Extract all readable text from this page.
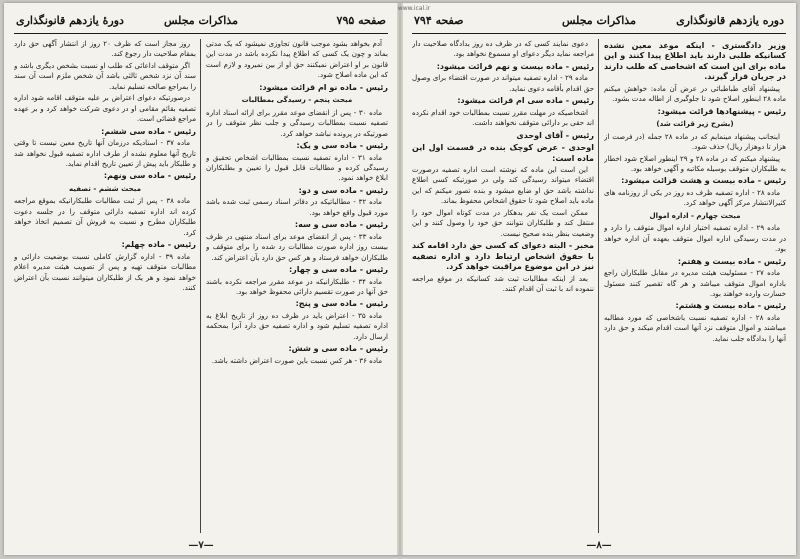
صفحه ۷۹۵
مذاکرات مجلس
دورهٔ یازدهم قانونگذاری

آدم بخواهد بشود موجب قانون تجاوزی نمیشود که یک مدتی بماند و چون یک کسی که اطلاع پیدا نکرده باشد در مدت این قانون بر او اعتراض نمیکنند حق او از بین نمیرود و لازم است که این ماده اصلاح شود.

رئیس - ماده نو ام قرائت میشود:

مبحث پنجم - رسیدگی بمطالبات

ماده ۳۰ - پس از انقضای موعد مقرر برای ارائه اسناد اداره تصفیه نسبت بمطالبات رسیدگی و جلب نظر متوقف را در صورتیکه در پرونده نباشد خواهد کرد.

رئیس - ماده سی و یک:

ماده ۳۱ - اداره تصفیه نسبت بمطالبات اشخاص تحقیق و رسیدگی کرده و مطالبات قابل قبول را تعیین و بطلبکاران ابلاغ خواهد نمود.

رئیس - ماده سی و دو:

ماده ۳۲ - مطالباتیکه در دفاتر اسناد رسمی ثبت شده باشد مورد قبول واقع خواهد بود.

رئیس - ماده سی و سه:

ماده ۳۳ - پس از انقضای موعد برای اسناد منتهی در ظرف بیست روز اداره صورت مطالبات رد شده را برای متوقف و طلبکاران خواهد فرستاد و هر کس حق دارد بآن اعتراض کند.

رئیس - ماده سی و چهار:

ماده ۳۴ - طلبکارانیکه در موعد مقرر مراجعه نکرده باشند حق آنها در صورت تقسیم دارائی محفوظ خواهد بود.

رئیس - ماده سی و پنج:

ماده ۳۵ - اعتراض باید در ظرف ده روز از تاریخ ابلاغ به اداره تصفیه تسلیم شود و اداره تصفیه حق دارد آنرا بمحکمه ارسال دارد.

رئیس - ماده سی و شش:

ماده ۳۶ - هر کس نسبت باین صورت اعتراض داشته باشد.

روز مجاز است که ظرف ۲۰ روز از انتشار آگهی حق دارد بمقام صلاحیت دار رجوع کند.

اگر متوقف اداعائی که طلب او نسبت بشخص دیگری باشد و سند آن نزد شخص ثالثی باشد آن شخص ملزم است آن سند را بمراجع صالحه تسلیم نماید.

درصورتیکه دعوای اعتراض بر علیه متوقف اقامه شود اداره تصفیه بقائم مقامی او در دعوی شرکت خواهد کرد و بر عهده مراجع قضائی است.

رئیس - ماده سی ششم:

ماده ۳۷ - اسنادیکه درزمان آنها تاریخ معین نیست تا وقتی تاریخ آنها معلوم نشده از طرف اداره تصفیه قبول نخواهد شد و طلبکار باید پیش از تعیین تاریخ اقدام نماید.

رئیس - ماده سی ونهم:

مبحث ششم - تصفیه

ماده ۳۸ - پس از ثبت مطالبات طلبکارانیکه بموقع مراجعه کرده اند اداره تصفیه دارائی متوقف را در جلسه دعوت طلبکاران مطرح و نسبت به فروش آن تصمیم اتخاذ خواهد کرد.

رئیس - ماده چهلم:

ماده ۳۹ - اداره گزارش کاملی نسبت بوضعیت دارائی و مطالبات متوقف تهیه و پس از تصویب هیئت مدیره اعلام خواهد نمود و هر یک از طلبکاران میتوانند نسبت بآن اعتراض کنند.

—۷—
دوره یازدهم قانونگذاری
مذاکرات مجلس
صفحه ۷۹۴

وزیر دادگستری - اینکه موعد معین نشده کسانیکه طلبی دارند باید اطلاع پیدا کنند و این ماده برای این است که اشخاصی که طلب دارند در جریان قرار گیرند.

پیشنهاد آقای طباطبائی در عرض آن ماده: خواهش میکنم ماده ۲۸ اینطور اصلاح شود تا جلوگیری از اطاله مدت بشود.

رئیس - پیشنهادها قرائت میشود:

(بشرح زیر قرائت شد)

اینجانب پیشنهاد مینمایم که در ماده ۲۸ جمله (در فرصت از هزار تا دوهزار ریال) حذف شود.

پیشنهاد میکنم که در ماده ۲۸ و ۲۹ اینطور اصلاح شود اخطار به طلبکاران متوقف بوسیله مکاتبه و آگهی خواهد بود.

رئیس - ماده بیست و هشت قرائت میشود:

ماده ۲۸ - اداره تصفیه ظرف ده روز در یکی از روزنامه های کثیرالانتشار مرکز آگهی خواهد کرد.

مبحث چهارم - اداره اموال

ماده ۲۹ - اداره تصفیه اختیار اداره اموال متوقف را دارد و در مدت رسیدگی اداره اموال متوقف بعهده آن اداره خواهد بود.

رئیس - ماده بیست و هفتم:

ماده ۲۷ - مسئولیت هیئت مدیره در مقابل طلبکاران راجع باداره اموال متوقف میباشد و هر گاه تقصیر کنند مسئول خسارت وارده خواهند بود.

رئیس - ماده بیست و هشتم:

ماده ۲۸ - اداره تصفیه نسبت باشخاصی که مورد مطالبه میباشند و اموال متوقف نزد آنها است اقدام میکند و حق دارد آنها را بدادگاه جلب نماید.

دعوی نمایند کسی که در ظرف ده روز بدادگاه صلاحیت دار مراجعه نماید دیگر دعوای او مسموع نخواهد بود.

رئیس - ماده بیست و نهم قرائت میشود:

ماده ۲۹ - اداره تصفیه میتواند در صورت اقتضاء برای وصول حق اقدام بأقامه دعوی نماید.

رئیس - ماده سی ام قرائت میشود:

اشخاصیکه در مهلت مقرر نسبت بمطالبات خود اقدام نکرده اند حقی بر دارائی متوقف نخواهند داشت.

رئیس - آقای اوحدی

اوحدی - عرض کوچک بنده در قسمت اول این ماده است:

این است این ماده که نوشته است اداره تصفیه درصورت اقتضاء میتواند رسیدگی کند ولی در صورتیکه کسی اطلاع نداشته باشد حق او ضایع میشود و بنده تصور میکنم که این ماده باید اصلاح شود تا حقوق اشخاص محفوظ بماند.

ممکن است یک نفر بدهکار در مدت کوتاه اموال خود را منتقل کند و طلبکاران نتوانند حق خود را وصول کنند و این وضعیت بنظر بنده صحیح نیست.

مخبر - البته دعوای که کسی حق دارد اقامه کند با حقوق اشخاص ارتباط دارد و اداره تصفیه نیز در این موضوع مراقبت خواهد کرد.

بعد از اینکه مطالبات ثبت شد کسانیکه در موقع مراجعه ننموده اند با ثبت آن اقدام کنند.

—۸—
www.ical.ir
